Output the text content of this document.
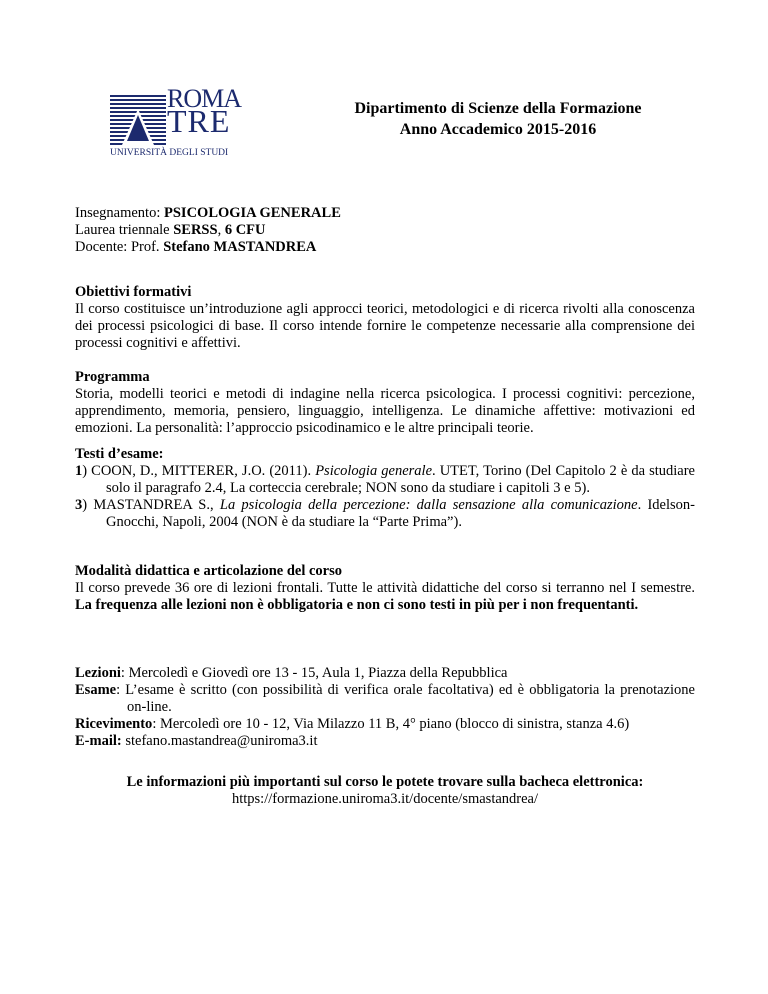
ROMA
TRE
UNIVERSITÀ DEGLI STUDI
Dipartimento di Scienze della Formazione
Anno Accademico 2015-2016
Insegnamento: PSICOLOGIA GENERALE
Laurea triennale SERSS, 6 CFU
Docente: Prof. Stefano MASTANDREA
Obiettivi formativi
Il corso costituisce un’introduzione agli approcci teorici, metodologici e di ricerca rivolti alla conoscenza dei processi psicologici di base. Il corso intende fornire le competenze necessarie alla comprensione dei processi cognitivi e affettivi.
Programma
Storia, modelli teorici e metodi di indagine nella ricerca psicologica. I processi cognitivi: percezione, apprendimento, memoria, pensiero, linguaggio, intelligenza. Le dinamiche affettive: motivazioni ed emozioni. La personalità: l’approccio psicodinamico e le altre principali teorie.
Testi d’esame:
1) COON, D., MITTERER, J.O. (2011). Psicologia generale. UTET, Torino (Del Capitolo 2 è da studiare solo il paragrafo 2.4, La corteccia cerebrale; NON sono da studiare i capitoli 3 e 5).
3) MASTANDREA S., La psicologia della percezione: dalla sensazione alla comunicazione. Idelson-Gnocchi, Napoli, 2004 (NON è da studiare la “Parte Prima”).
Modalità didattica e articolazione del corso
Il corso prevede 36 ore di lezioni frontali. Tutte le attività didattiche del corso si terranno nel I semestre. La frequenza alle lezioni non è obbligatoria e non ci sono testi in più per i non frequentanti.
Lezioni: Mercoledì e Giovedì ore 13 - 15, Aula 1, Piazza della Repubblica
Esame: L’esame è scritto (con possibilità di verifica orale facoltativa) ed è obbligatoria la prenotazione on-line.
Ricevimento: Mercoledì ore 10 - 12, Via Milazzo 11 B, 4° piano (blocco di sinistra, stanza 4.6)
E-mail: stefano.mastandrea@uniroma3.it
Le informazioni più importanti sul corso le potete trovare sulla bacheca elettronica:
https://formazione.uniroma3.it/docente/smastandrea/
